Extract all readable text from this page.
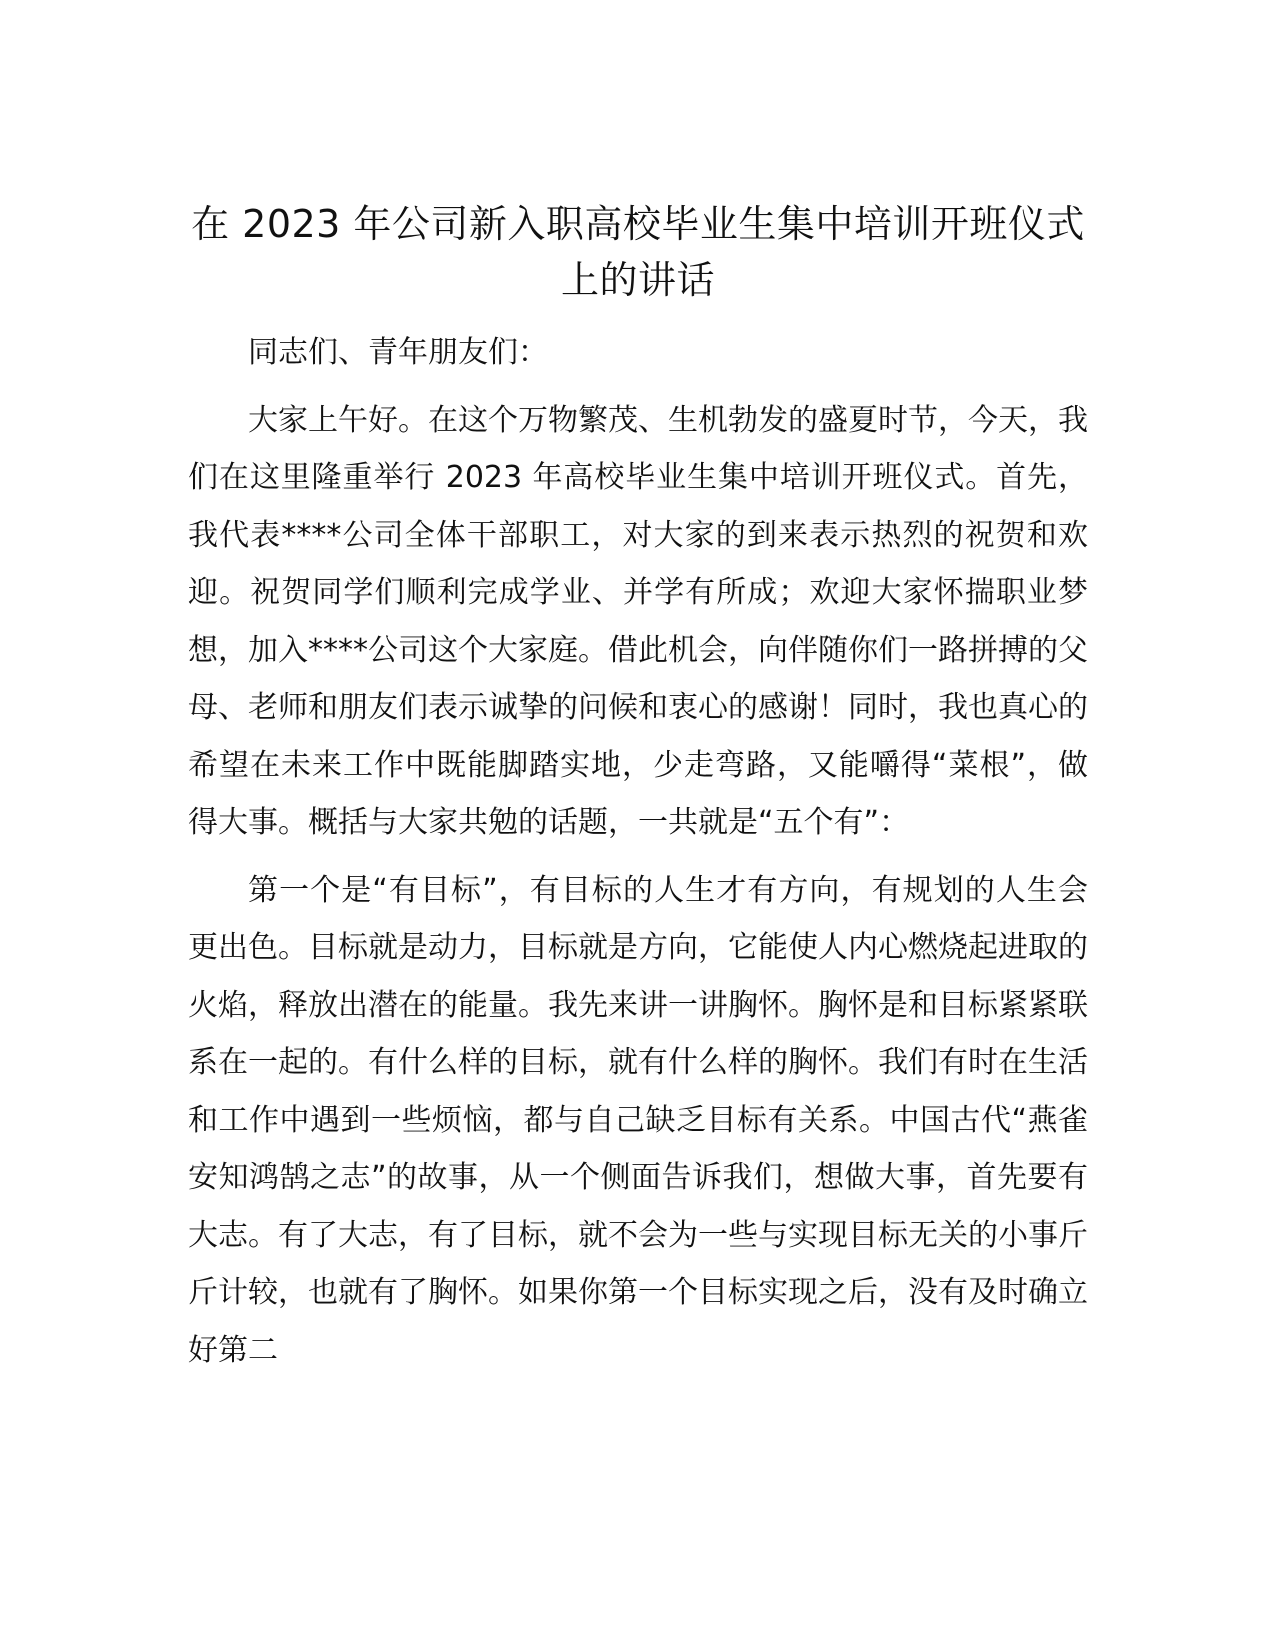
在 2023 年公司新入职高校毕业生集中培训开班仪式上的讲话

同志们、青年朋友们：

大家上午好。在这个万物繁茂、生机勃发的盛夏时节，今天，我们在这里隆重举行 2023 年高校毕业生集中培训开班仪式。首先，我代表****公司全体干部职工，对大家的到来表示热烈的祝贺和欢迎。祝贺同学们顺利完成学业、并学有所成；欢迎大家怀揣职业梦想，加入****公司这个大家庭。借此机会，向伴随你们一路拼搏的父母、老师和朋友们表示诚挚的问候和衷心的感谢！同时，我也真心的希望在未来工作中既能脚踏实地，少走弯路，又能嚼得“菜根”，做得大事。概括与大家共勉的话题，一共就是“五个有”：

第一个是“有目标”，有目标的人生才有方向，有规划的人生会更出色。目标就是动力，目标就是方向，它能使人内心燃烧起进取的火焰，释放出潜在的能量。我先来讲一讲胸怀。胸怀是和目标紧紧联系在一起的。有什么样的目标，就有什么样的胸怀。我们有时在生活和工作中遇到一些烦恼，都与自己缺乏目标有关系。中国古代“燕雀安知鸿鹄之志”的故事，从一个侧面告诉我们，想做大事，首先要有大志。有了大志，有了目标，就不会为一些与实现目标无关的小事斤斤计较，也就有了胸怀。如果你第一个目标实现之后，没有及时确立好第二
